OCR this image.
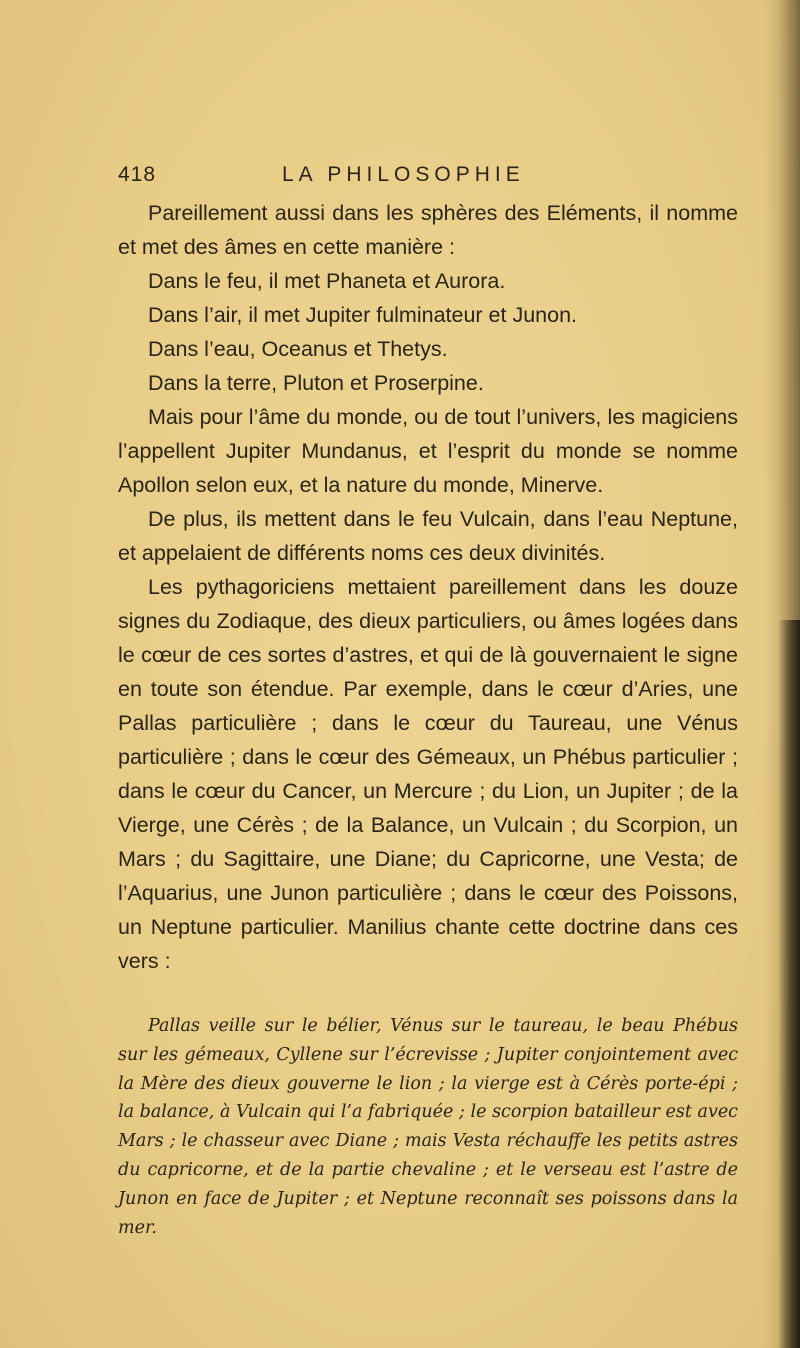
418	LA PHILOSOPHIE

Pareillement aussi dans les sphères des Eléments, il nomme et met des âmes en cette manière :

Dans le feu, il met Phaneta et Aurora.

Dans l’air, il met Jupiter fulminateur et Junon.

Dans l’eau, Oceanus et Thetys.

Dans la terre, Pluton et Proserpine.

Mais pour l’âme du monde, ou de tout l’univers, les magiciens l’appellent Jupiter Mundanus, et l’esprit du monde se nomme Apollon selon eux, et la nature du monde, Minerve.

De plus, ils mettent dans le feu Vulcain, dans l’eau Neptune, et appelaient de différents noms ces deux divinités.

Les pythagoriciens mettaient pareillement dans les douze signes du Zodiaque, des dieux particuliers, ou âmes logées dans le cœur de ces sortes d’astres, et qui de là gouvernaient le signe en toute son étendue. Par exemple, dans le cœur d’Aries, une Pallas particulière ; dans le cœur du Taureau, une Vénus particulière ; dans le cœur des Gémeaux, un Phébus particulier ; dans le cœur du Cancer, un Mercure ; du Lion, un Jupiter ; de la Vierge, une Cérès ; de la Balance, un Vulcain ; du Scorpion, un Mars ; du Sagittaire, une Diane; du Capricorne, une Vesta; de l’Aquarius, une Junon particulière ; dans le cœur des Poissons, un Neptune particulier. Manilius chante cette doctrine dans ces vers :

Pallas veille sur le bélier, Vénus sur le taureau, le beau Phébus sur les gémeaux, Cyllene sur l’écrevisse ; Jupiter conjointement avec la Mère des dieux gouverne le lion ; la vierge est à Cérès porte-épi ; la balance, à Vulcain qui l’a fabriquée ; le scorpion batailleur est avec Mars ; le chasseur avec Diane ; mais Vesta réchauffe les petits astres du capricorne, et de la partie chevaline ; et le verseau est l’astre de Junon en face de Jupiter ; et Neptune reconnaît ses poissons dans la mer.
